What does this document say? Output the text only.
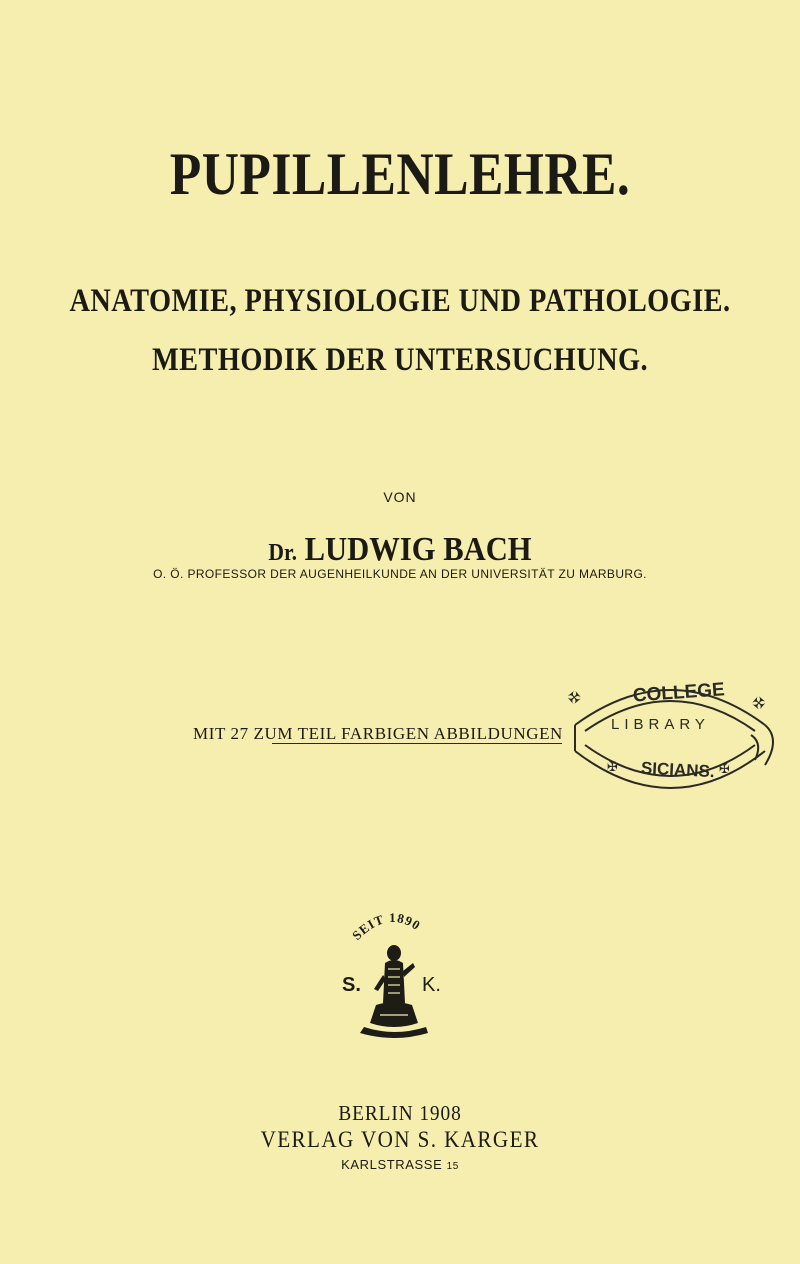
PUPILLENLEHRE.
ANATOMIE, PHYSIOLOGIE UND PATHOLOGIE.
METHODIK DER UNTERSUCHUNG.
VON
Dr. LUDWIG BACH
O. Ö. PROFESSOR DER AUGENHEILKUNDE AN DER UNIVERSITÄT ZU MARBURG.
MIT 27 ZUM TEIL FARBIGEN ABBILDUNGEN
COLLEGE
LIBRARY
SICIANS.
✠	✠
✠	✠
SEIT 1890
S.	K.
BERLIN 1908
VERLAG VON S. KARGER
KARLSTRASSE 15
